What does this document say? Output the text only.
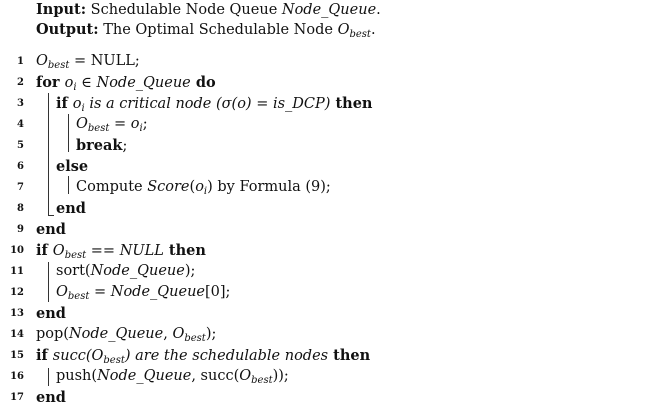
Input: Schedulable Node Queue Node_Queue.
Output: The Optimal Schedulable Node $O_{best}$.
1 $O_{best}$ = NULL;
2 for $o_i$ ∈ Node_Queue do
3 if $o_i$ is a critical node (σ(o) = is_DCP) then
4	$O_{best} = o_i$;
5	break;
6 else
7	Compute $Score(o_i)$ by Formula (9);
8 end
9 end
10 if $O_{best}$ == NULL then
11 sort(Node_Queue);
12 $O_{best}$ = Node_Queue[0];
13 end
14 pop(Node_Queue, $O_{best}$);
15 if $succ(O_{best})$ are the schedulable nodes then
16 push(Node_Queue, $succ(O_{best})$);
17 end
